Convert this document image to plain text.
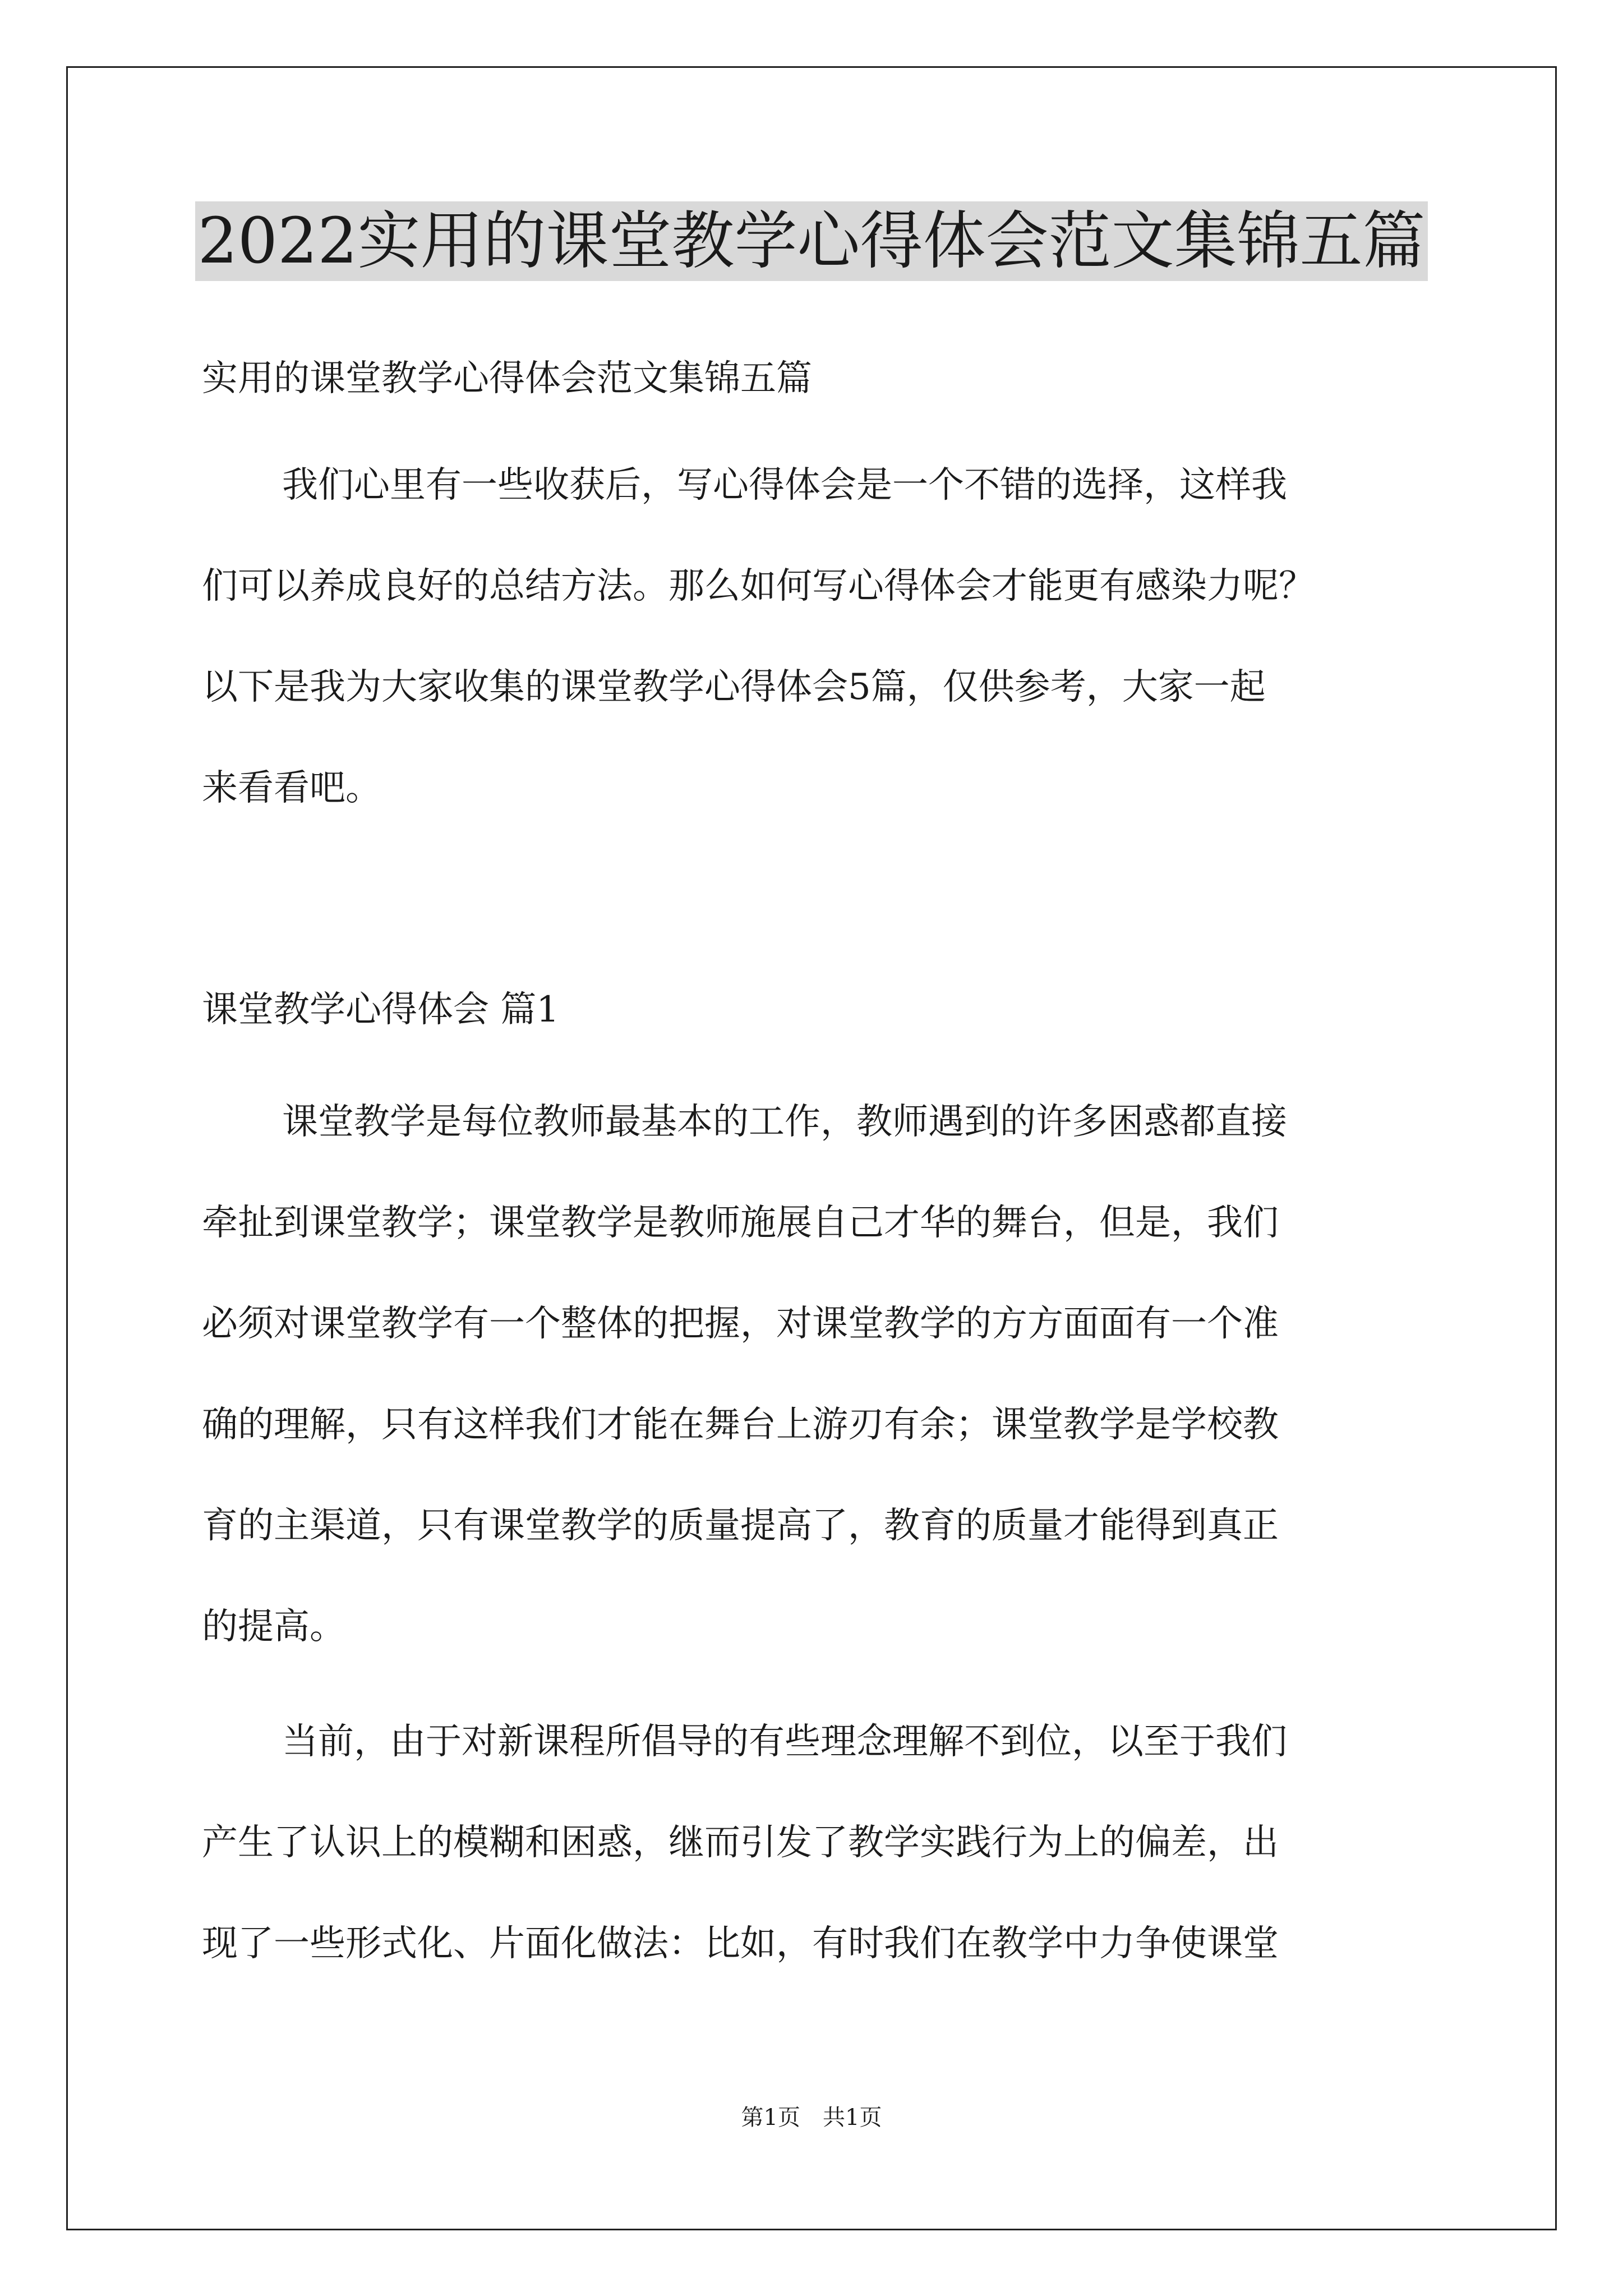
2022实用的课堂教学心得体会范文集锦五篇

实用的课堂教学心得体会范文集锦五篇

我们心里有一些收获后，写心得体会是一个不错的选择，这样我

们可以养成良好的总结方法。那么如何写心得体会才能更有感染力呢？

以下是我为大家收集的课堂教学心得体会5篇，仅供参考，大家一起

来看看吧。

课堂教学心得体会 篇1

课堂教学是每位教师最基本的工作，教师遇到的许多困惑都直接

牵扯到课堂教学；课堂教学是教师施展自己才华的舞台，但是，我们

必须对课堂教学有一个整体的把握，对课堂教学的方方面面有一个准

确的理解，只有这样我们才能在舞台上游刃有余；课堂教学是学校教

育的主渠道，只有课堂教学的质量提高了，教育的质量才能得到真正

的提高。

当前，由于对新课程所倡导的有些理念理解不到位，以至于我们

产生了认识上的模糊和困惑，继而引发了教学实践行为上的偏差，出

现了一些形式化、片面化做法：比如，有时我们在教学中力争使课堂

第1页　共1页
